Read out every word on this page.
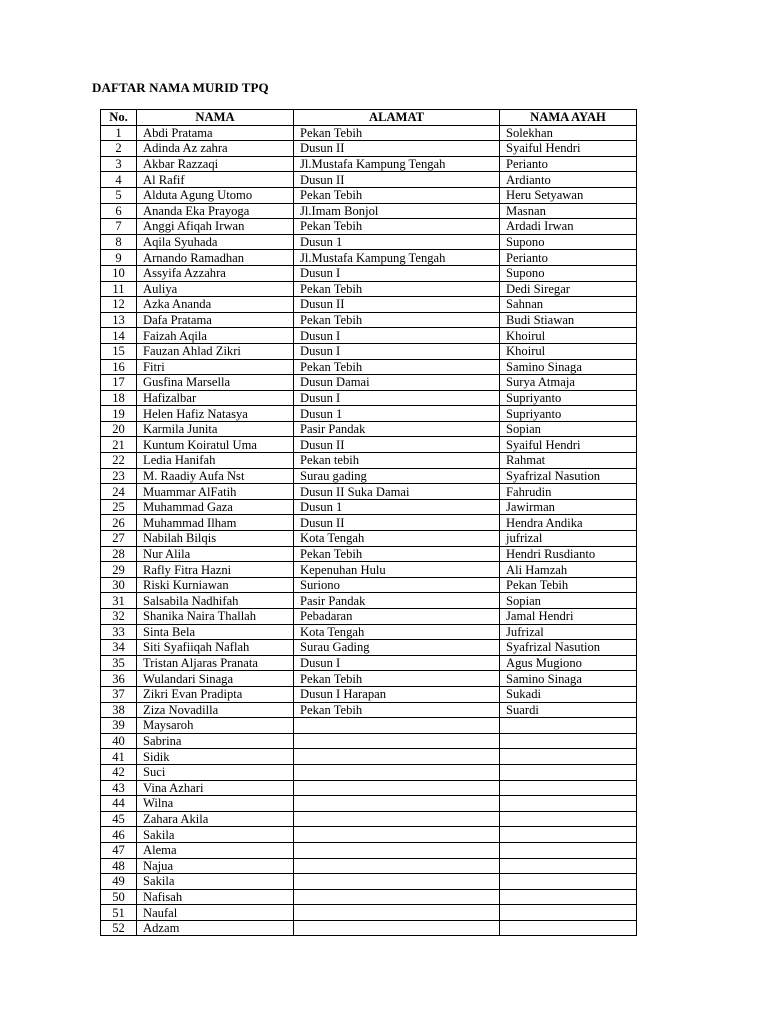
DAFTAR NAMA MURID TPQ
No.	NAMA	ALAMAT	NAMA AYAH
1	Abdi Pratama	Pekan Tebih	Solekhan
2	Adinda Az zahra	Dusun II	Syaiful Hendri
3	Akbar Razzaqi	Jl.Mustafa Kampung Tengah	Perianto
4	Al Rafif	Dusun II	Ardianto
5	Alduta Agung Utomo	Pekan Tebih	Heru Setyawan
6	Ananda Eka Prayoga	Jl.Imam Bonjol	Masnan
7	Anggi Afiqah Irwan	Pekan Tebih	Ardadi Irwan
8	Aqila Syuhada	Dusun 1	Supono
9	Arnando Ramadhan	Jl.Mustafa Kampung Tengah	Perianto
10	Assyifa Azzahra	Dusun I	Supono
11	Auliya	Pekan Tebih	Dedi Siregar
12	Azka Ananda	Dusun II	Sahnan
13	Dafa Pratama	Pekan Tebih	Budi Stiawan
14	Faizah Aqila	Dusun I	Khoirul
15	Fauzan Ahlad Zikri	Dusun I	Khoirul
16	Fitri	Pekan Tebih	Samino Sinaga
17	Gusfina Marsella	Dusun Damai	Surya Atmaja
18	Hafizalbar	Dusun I	Supriyanto
19	Helen Hafiz Natasya	Dusun 1	Supriyanto
20	Karmila Junita	Pasir Pandak	Sopian
21	Kuntum Koiratul Uma	Dusun II	Syaiful Hendri
22	Ledia Hanifah	Pekan tebih	Rahmat
23	M. Raadiy Aufa Nst	Surau gading	Syafrizal Nasution
24	Muammar AlFatih	Dusun II Suka Damai	Fahrudin
25	Muhammad Gaza	Dusun 1	Jawirman
26	Muhammad Ilham	Dusun II	Hendra Andika
27	Nabilah Bilqis	Kota Tengah	jufrizal
28	Nur Alila	Pekan Tebih	Hendri Rusdianto
29	Rafly Fitra Hazni	Kepenuhan Hulu	Ali Hamzah
30	Riski Kurniawan	Suriono	Pekan Tebih
31	Salsabila Nadhifah	Pasir Pandak	Sopian
32	Shanika Naira Thallah	Pebadaran	Jamal Hendri
33	Sinta Bela	Kota Tengah	Jufrizal
34	Siti Syafiiqah Naflah	Surau Gading	Syafrizal Nasution
35	Tristan Aljaras Pranata	Dusun I	Agus Mugiono
36	Wulandari Sinaga	Pekan Tebih	Samino Sinaga
37	Zikri Evan Pradipta	Dusun I Harapan	Sukadi
38	Ziza Novadilla	Pekan Tebih	Suardi
39	Maysaroh		
40	Sabrina		
41	Sidik		
42	Suci		
43	Vina Azhari		
44	Wilna		
45	Zahara Akila		
46	Sakila		
47	Alema		
48	Najua		
49	Sakila		
50	Nafisah		
51	Naufal		
52	Adzam		
